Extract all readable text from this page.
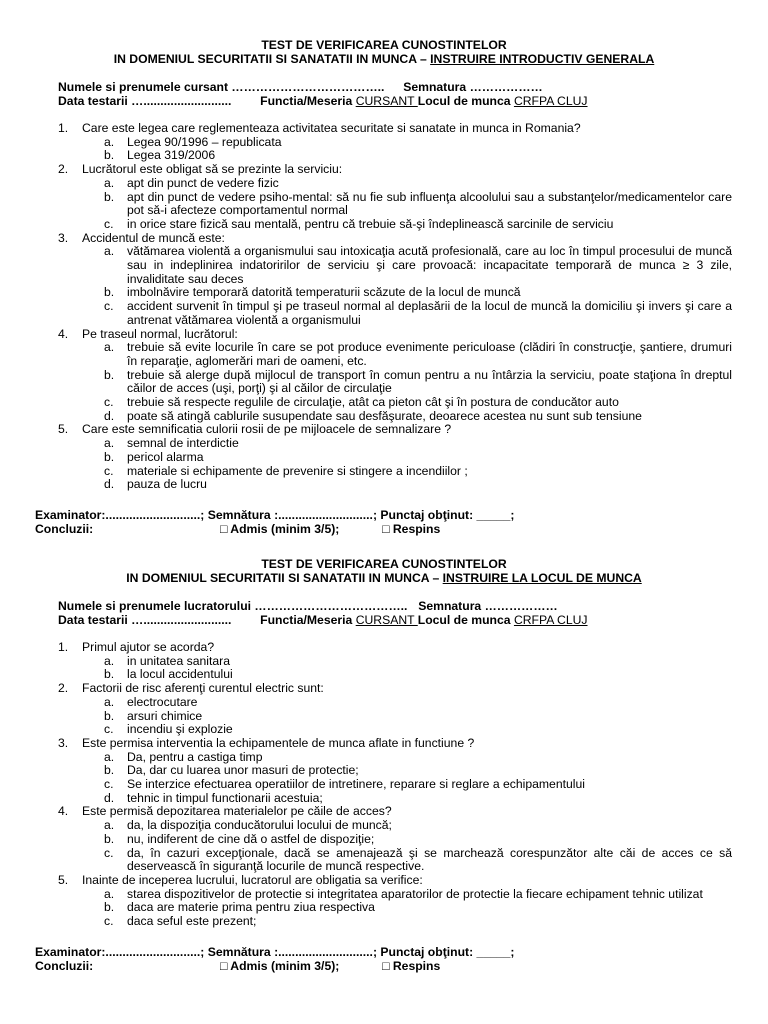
TEST DE VERIFICAREA CUNOSTINTELOR
IN DOMENIUL SECURITATII SI SANATATII IN MUNCA – INSTRUIRE INTRODUCTIV GENERALA
Numele si prenumele cursant ……………………………….. Semnatura ………………
Data testarii ….......................... Functia/Meseria CURSANT Locul de munca CRFPA CLUJ
1. Care este legea care reglementeaza activitatea securitate si sanatate in munca in Romania?
a. Legea 90/1996 – republicata
b. Legea 319/2006
2. Lucrătorul este obligat să se prezinte la serviciu:
a. apt din punct de vedere fizic
b. apt din punct de vedere psiho-mental: să nu fie sub influenţa alcoolului sau a substanţelor/medicamentelor care pot să-i afecteze comportamentul normal
c. in orice stare fizică sau mentală, pentru că trebuie să-şi îndeplinească sarcinile de serviciu
3. Accidentul de muncă este:
a. vătămarea violentă a organismului sau intoxicaţia acută profesională, care au loc în timpul procesului de muncă sau in indeplinirea indatoririlor de serviciu şi care provoacă: incapacitate temporară de munca ≥ 3 zile, invaliditate sau deces
b. imbolnăvire temporară datorită temperaturii scăzute de la locul de muncă
c. accident survenit în timpul şi pe traseul normal al deplasării de la locul de muncă la domiciliu şi invers şi care a antrenat vătămarea violentă a organismului
4. Pe traseul normal, lucrătorul:
a. trebuie să evite locurile în care se pot produce evenimente periculoase (clădiri în construcţie, şantiere, drumuri în reparaţie, aglomerări mari de oameni, etc.
b. trebuie să alerge după mijlocul de transport în comun pentru a nu întârzia la serviciu, poate staţiona în dreptul căilor de acces (uşi, porţi) şi al căilor de circulaţie
c. trebuie să respecte regulile de circulaţie, atât ca pieton cât şi în postura de conducător auto
d. poate să atingă cablurile susupendate sau desfăşurate, deoarece acestea nu sunt sub tensiune
5. Care este semnificatia culorii rosii de pe mijloacele de semnalizare ?
a. semnal de interdictie
b. pericol alarma
c. materiale si echipamente de prevenire si stingere a incendiilor ;
d. pauza de lucru
Examinator:............................; Semnătura :............................; Punctaj obţinut: _____;
Concluzii:	□ Admis (minim 3/5);	□ Respins
TEST DE VERIFICAREA CUNOSTINTELOR
IN DOMENIUL SECURITATII SI SANATATII IN MUNCA – INSTRUIRE LA LOCUL DE MUNCA
Numele si prenumele lucratorului ……………………………….. Semnatura ………………
Data testarii ….......................... Functia/Meseria CURSANT Locul de munca CRFPA CLUJ
1. Primul ajutor se acorda?
a. in unitatea sanitara
b. la locul accidentului
2. Factorii de risc aferenţi curentul electric sunt:
a. electrocutare
b. arsuri chimice
c. incendiu şi explozie
3. Este permisa interventia la echipamentele de munca aflate in functiune ?
a. Da, pentru a castiga timp
b. Da, dar cu luarea unor masuri de protectie;
c. Se interzice efectuarea operatiilor de intretinere, reparare si reglare a echipamentului
d. tehnic in timpul functionarii acestuia;
4. Este permisă depozitarea materialelor pe căile de acces?
a. da, la dispoziţia conducătorului locului de muncă;
b. nu, indiferent de cine dă o astfel de dispoziţie;
c. da, în cazuri excepţionale, dacă se amenajează şi se marchează corespunzător alte căi de acces ce să deservească în siguranţă locurile de muncă respective.
5. Inainte de inceperea lucrului, lucratorul are obligatia sa verifice:
a. starea dispozitivelor de protectie si integritatea aparatorilor de protectie la fiecare echipament tehnic utilizat
b. daca are materie prima pentru ziua respectiva
c. daca seful este prezent;
Examinator:............................; Semnătura :............................; Punctaj obţinut: _____;
Concluzii:	□ Admis (minim 3/5);	□ Respins
